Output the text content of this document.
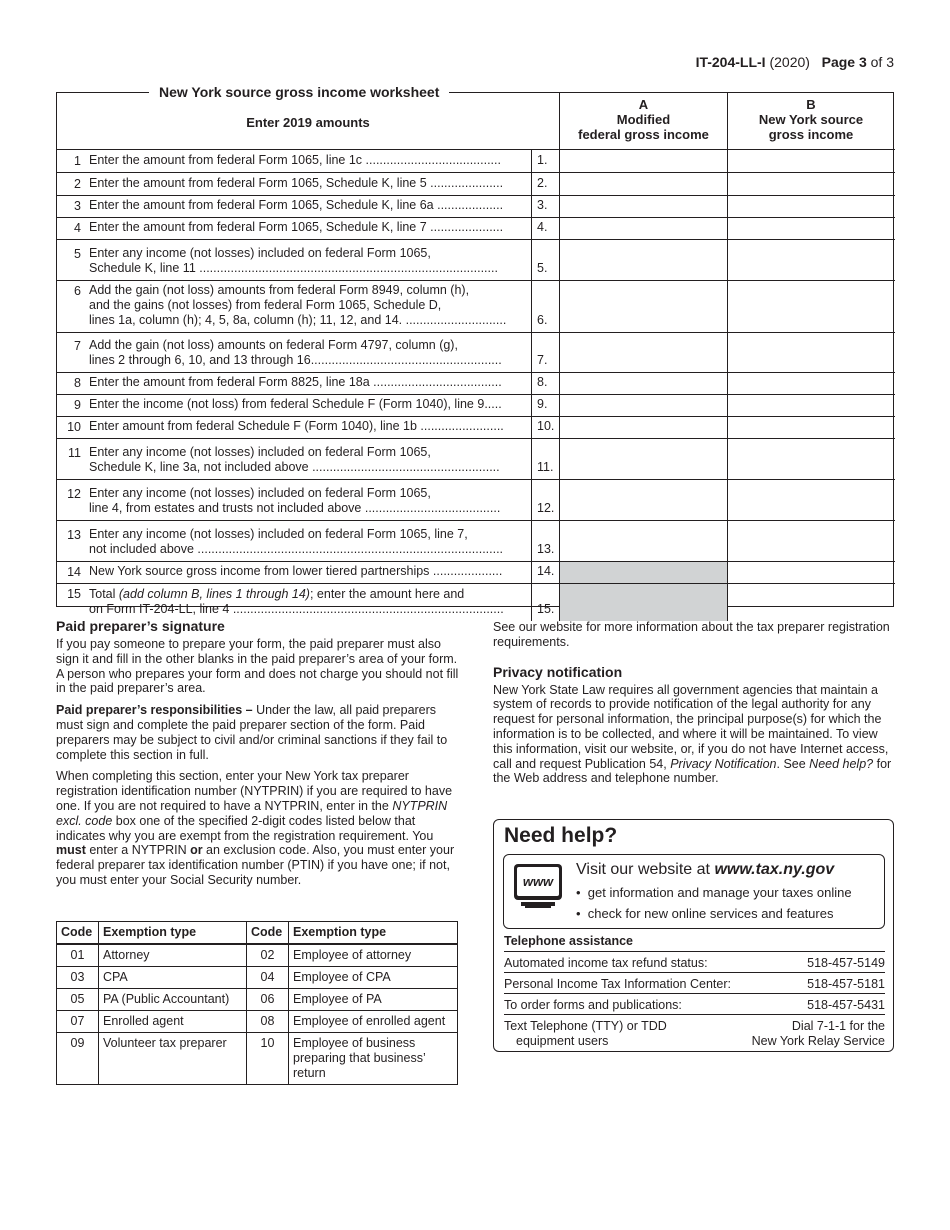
IT-204-LL-I (2020) Page 3 of 3
New York source gross income worksheet
Enter 2019 amounts
A
Modified
federal gross income
B
New York source
gross income
1 Enter the amount from federal Form 1065, line 1c .......................................	1.
2 Enter the amount from federal Form 1065, Schedule K, line 5 .....................	2.
3 Enter the amount from federal Form 1065, Schedule K, line 6a ...................	3.
4 Enter the amount from federal Form 1065, Schedule K, line 7 .....................	4.
5 Enter any income (not losses) included on federal Form 1065,
Schedule K, line 11 ......................................................................................	5.
6 Add the gain (not loss) amounts from federal Form 8949, column (h),
and the gains (not losses) from federal Form 1065, Schedule D,
lines 1a, column (h); 4, 5, 8a, column (h); 11, 12, and 14. .............................	6.
7 Add the gain (not loss) amounts on federal Form 4797, column (g),
lines 2 through 6, 10, and 13 through 16.......................................................	7.
8 Enter the amount from federal Form 8825, line 18a .....................................	8.
9 Enter the income (not loss) from federal Schedule F (Form 1040), line 9.....	9.
10 Enter amount from federal Schedule F (Form 1040), line 1b ........................	10.
11 Enter any income (not losses) included on federal Form 1065,
Schedule K, line 3a, not included above ......................................................	11.
12 Enter any income (not losses) included on federal Form 1065,
line 4, from estates and trusts not included above .......................................	12.
13 Enter any income (not losses) included on federal Form 1065, line 7,
not included above ........................................................................................	13.
14 New York source gross income from lower tiered partnerships ....................	14.
15 Total (add column B, lines 1 through 14); enter the amount here and
on Form IT-204-LL, line 4 ..............................................................................	15.
Paid preparer’s signature
If you pay someone to prepare your form, the paid preparer must also sign it and fill in the other blanks in the paid preparer’s area of your form. A person who prepares your form and does not charge you should not fill in the paid preparer’s area.
Paid preparer’s responsibilities – Under the law, all paid preparers must sign and complete the paid preparer section of the form. Paid preparers may be subject to civil and/or criminal sanctions if they fail to complete this section in full.
When completing this section, enter your New York tax preparer registration identification number (NYTPRIN) if you are required to have one. If you are not required to have a NYTPRIN, enter in the NYTPRIN excl. code box one of the specified 2-digit codes listed below that indicates why you are exempt from the registration requirement. You must enter a NYTPRIN or an exclusion code. Also, you must enter your federal preparer tax identification number (PTIN) if you have one; if not, you must enter your Social Security number.
Code	Exemption type	Code	Exemption type
01	Attorney	02	Employee of attorney
03	CPA	04	Employee of CPA
05	PA (Public Accountant)	06	Employee of PA
07	Enrolled agent	08	Employee of enrolled agent
09	Volunteer tax preparer	10	Employee of business preparing that business’ return
See our website for more information about the tax preparer registration requirements.
Privacy notification
New York State Law requires all government agencies that maintain a system of records to provide notification of the legal authority for any request for personal information, the principal purpose(s) for which the information is to be collected, and where it will be maintained. To view this information, visit our website, or, if you do not have Internet access, call and request Publication 54, Privacy Notification. See Need help? for the Web address and telephone number.
Need help?
www
Visit our website at www.tax.ny.gov
•  get information and manage your taxes online
•  check for new online services and features
Telephone assistance
Automated income tax refund status:	518-457-5149
Personal Income Tax Information Center:	518-457-5181
To order forms and publications:	518-457-5431
Text Telephone (TTY) or TDD
equipment users
Dial 7-1-1 for the
New York Relay Service
